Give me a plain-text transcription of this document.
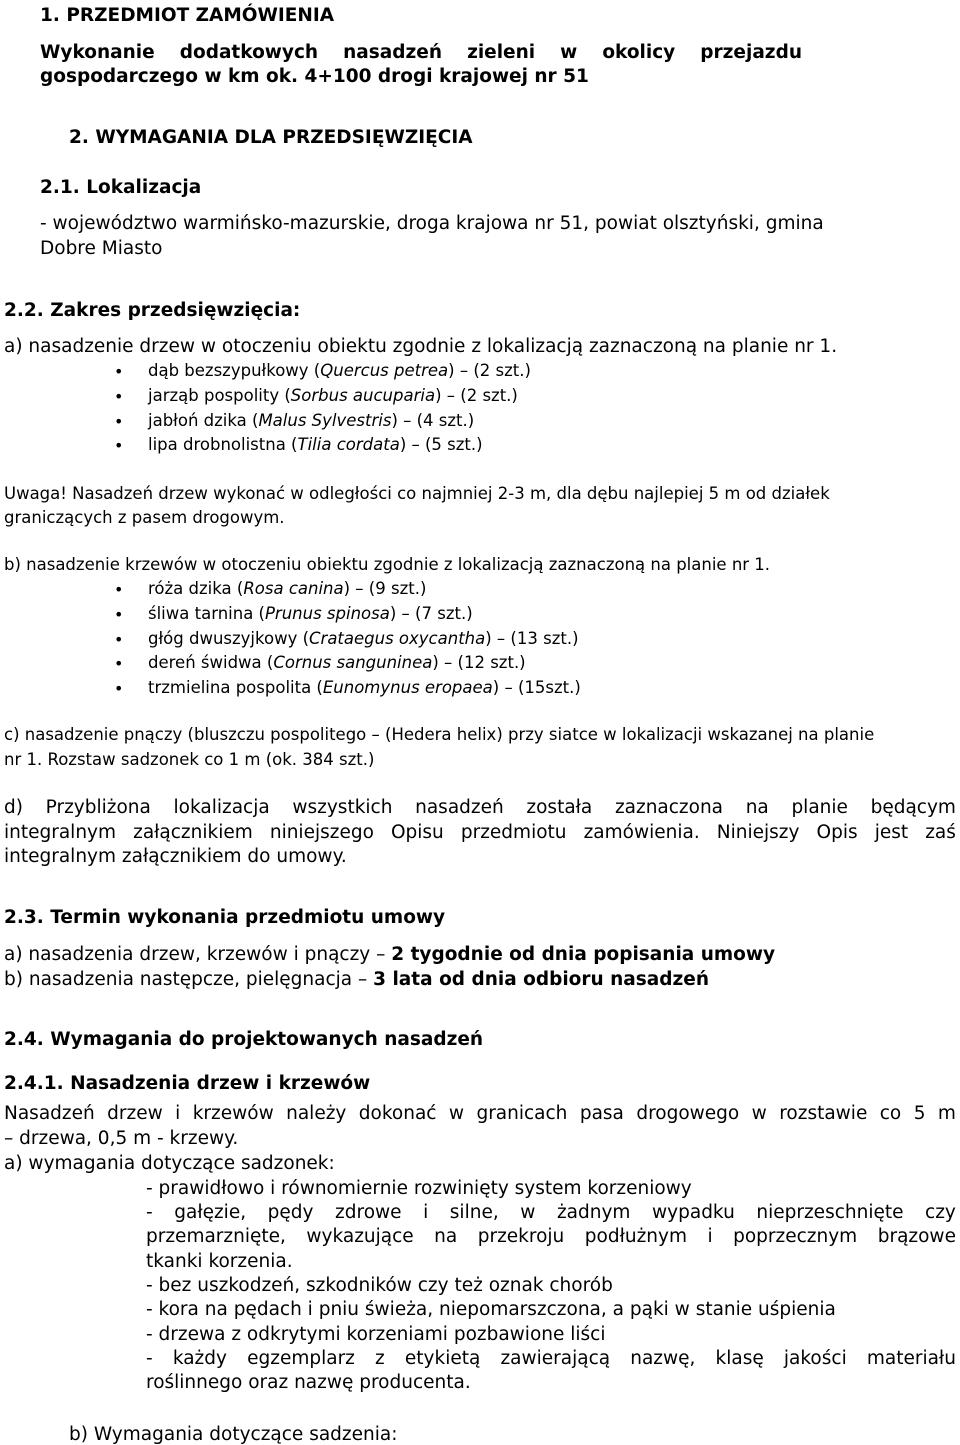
1. PRZEDMIOT ZAMÓWIENIA
Wykonanie dodatkowych nasadzeń zieleni w okolicy przejazdu
gospodarczego w km ok. 4+100 drogi krajowej nr 51
2. WYMAGANIA DLA PRZEDSIĘWZIĘCIA
2.1. Lokalizacja
- województwo warmińsko-mazurskie, droga krajowa nr 51, powiat olsztyński, gmina
Dobre Miasto
2.2. Zakres przedsięwzięcia:
a) nasadzenie drzew w otoczeniu obiektu zgodnie z lokalizacją zaznaczoną na planie nr 1.
• dąb bezszypułkowy (Quercus petrea) – (2 szt.)
• jarząb pospolity (Sorbus aucuparia) – (2 szt.)
• jabłoń dzika (Malus Sylvestris) – (4 szt.)
• lipa drobnolistna (Tilia cordata) – (5 szt.)
Uwaga! Nasadzeń drzew wykonać w odległości co najmniej 2-3 m, dla dębu najlepiej 5 m od działek
graniczących z pasem drogowym.
b) nasadzenie krzewów w otoczeniu obiektu zgodnie z lokalizacją zaznaczoną na planie nr 1.
• róża dzika (Rosa canina) – (9 szt.)
• śliwa tarnina (Prunus spinosa) – (7 szt.)
• głóg dwuszyjkowy (Crataegus oxycantha) – (13 szt.)
• dereń świdwa (Cornus sanguninea) – (12 szt.)
• trzmielina pospolita (Eunomynus eropaea) – (15szt.)
c) nasadzenie pnączy (bluszczu pospolitego – (Hedera helix) przy siatce w lokalizacji wskazanej na planie
nr 1. Rozstaw sadzonek co 1 m (ok. 384 szt.)
d) Przybliżona lokalizacja wszystkich nasadzeń została zaznaczona na planie będącym
integralnym załącznikiem niniejszego Opisu przedmiotu zamówienia. Niniejszy Opis jest zaś
integralnym załącznikiem do umowy.
2.3. Termin wykonania przedmiotu umowy
a) nasadzenia drzew, krzewów i pnączy – 2 tygodnie od dnia popisania umowy
b) nasadzenia następcze, pielęgnacja – 3 lata od dnia odbioru nasadzeń
2.4. Wymagania do projektowanych nasadzeń
2.4.1. Nasadzenia drzew i krzewów
Nasadzeń drzew i krzewów należy dokonać w granicach pasa drogowego w rozstawie co 5 m
– drzewa, 0,5 m - krzewy.
a) wymagania dotyczące sadzonek:
- prawidłowo i równomiernie rozwinięty system korzeniowy
- gałęzie, pędy zdrowe i silne, w żadnym wypadku nieprzeschnięte czy
przemarznięte, wykazujące na przekroju podłużnym i poprzecznym brązowe
tkanki korzenia.
- bez uszkodzeń, szkodników czy też oznak chorób
- kora na pędach i pniu świeża, niepomarszczona, a pąki w stanie uśpienia
- drzewa z odkrytymi korzeniami pozbawione liści
- każdy egzemplarz z etykietą zawierającą nazwę, klasę jakości materiału
roślinnego oraz nazwę producenta.
b) Wymagania dotyczące sadzenia:
